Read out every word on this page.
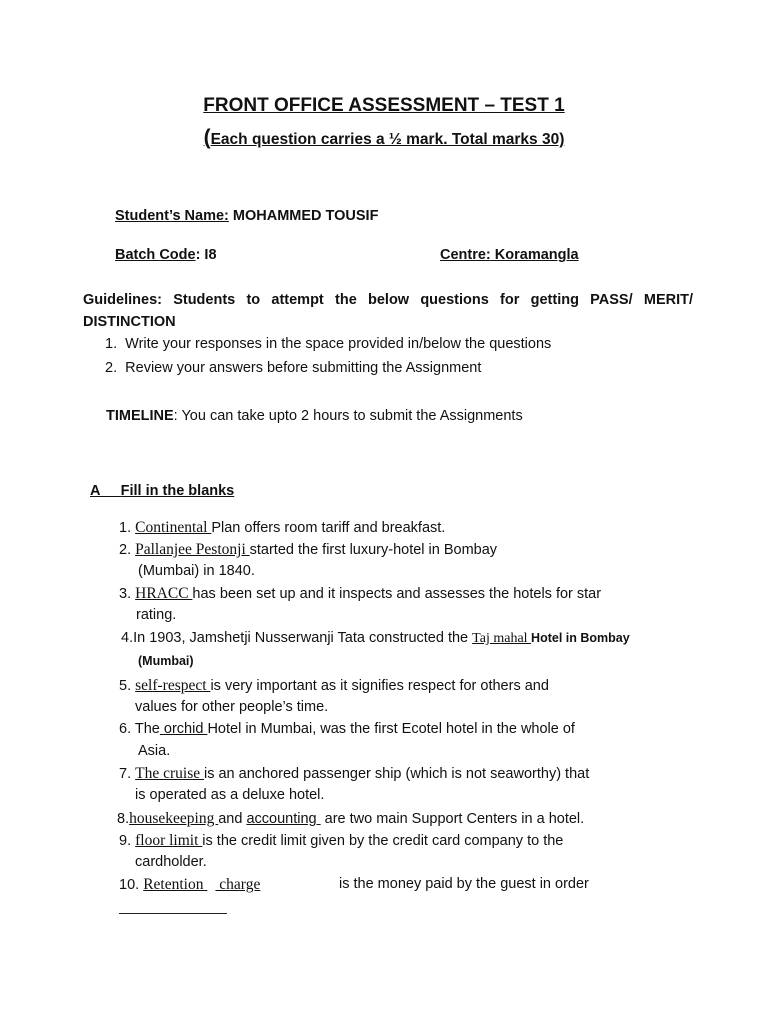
FRONT OFFICE ASSESSMENT – TEST 1
(Each question carries a ½ mark. Total marks 30)
Student’s Name: MOHAMMED TOUSIF
Batch Code: I8	Centre: Koramangla
Guidelines: Students to attempt the below questions for getting PASS/ MERIT/
DISTINCTION
1. Write your responses in the space provided in/below the questions
2. Review your answers before submitting the Assignment
TIMELINE: You can take upto 2 hours to submit the Assignments
A Fill in the blanks
1. Continental Plan offers room tariff and breakfast.
2. Pallanjee Pestonji started the first luxury-hotel in Bombay
(Mumbai) in 1840.
3. HRACC has been set up and it inspects and assesses the hotels for star
rating.
4.In 1903, Jamshetji Nusserwanji Tata constructed the Taj mahal Hotel in Bombay
(Mumbai)
5. self-respect is very important as it signifies respect for others and
values for other people’s time.
6. The orchid Hotel in Mumbai, was the first Ecotel hotel in the whole of
Asia.
7. The cruise is an anchored passenger ship (which is not seaworthy) that
is operated as a deluxe hotel.
8.housekeeping and accounting  are two main Support Centers in a hotel.
9. floor limit is the credit limit given by the credit card company to the
cardholder.
10. Retention    charge	is the money paid by the guest in order
